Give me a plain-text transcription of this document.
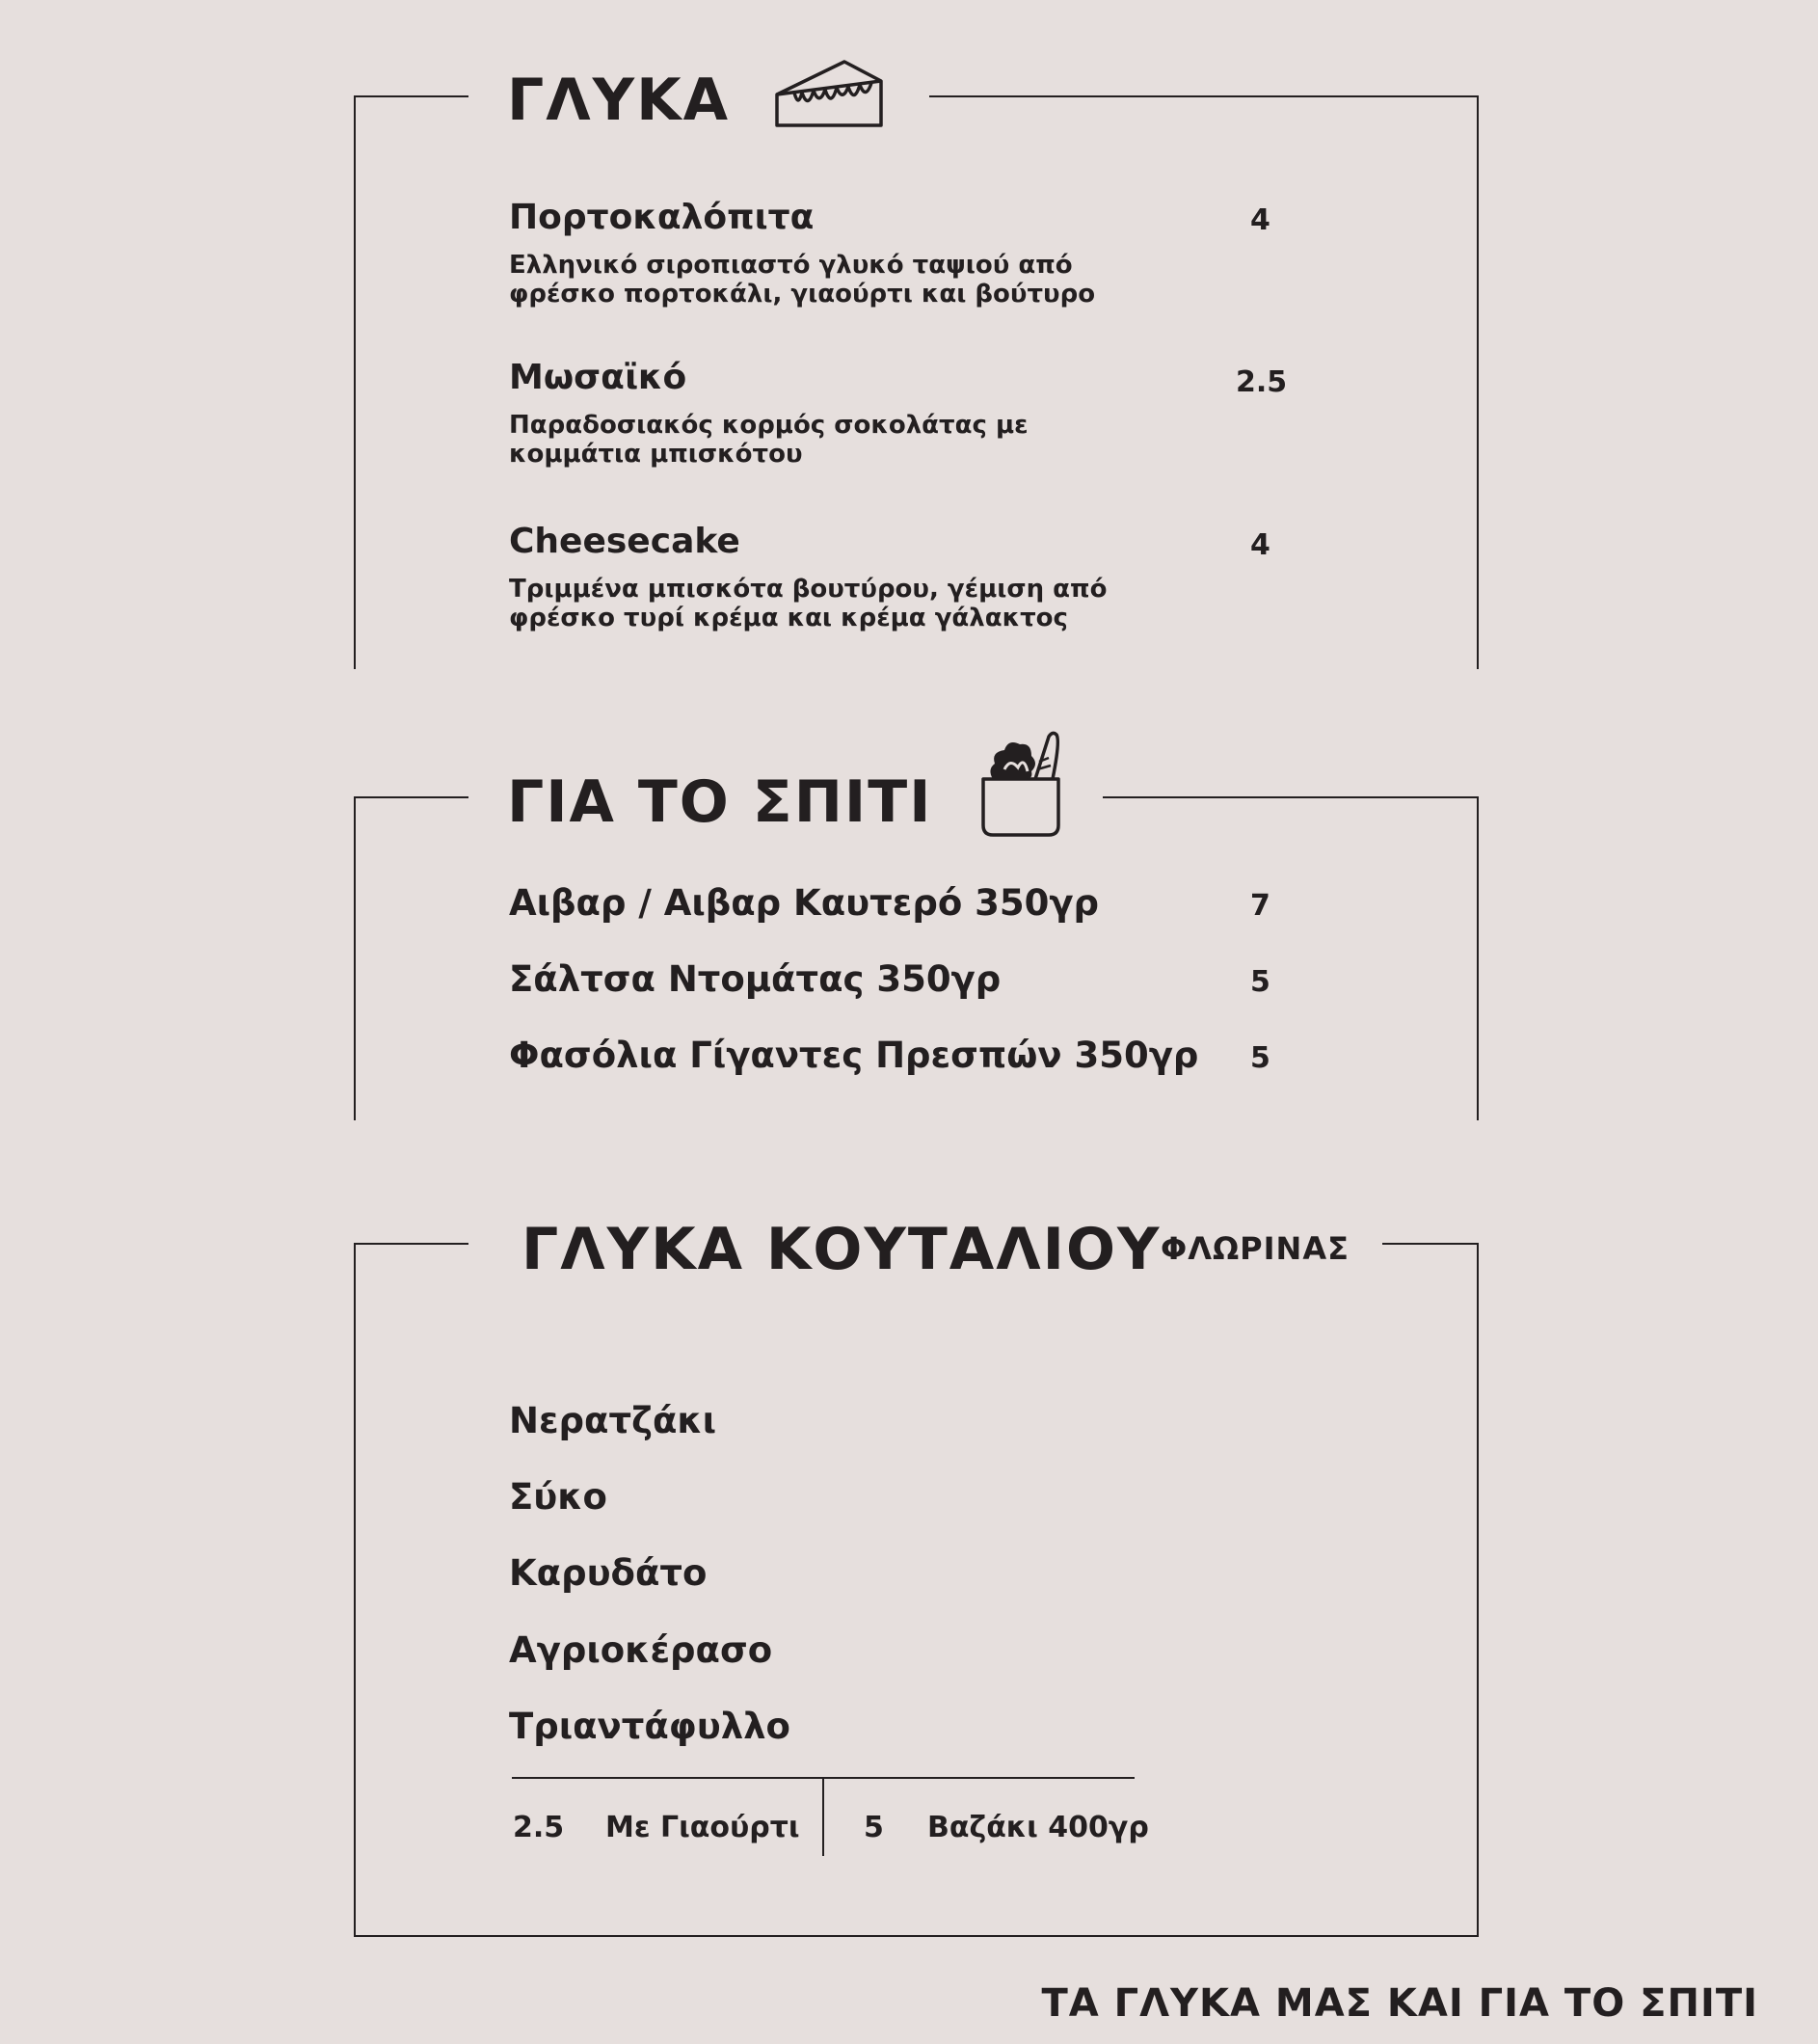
ΓΛΥΚΑ
Πορτοκαλόπιτα
Ελληνικό σιροπιαστό γλυκό ταψιού από φρέσκο πορτοκάλι, γιαούρτι και βούτυρο
4
Μωσαϊκό
Παραδοσιακός κορμός σοκολάτας με κομμάτια μπισκότου
2.5
Cheesecake
Τριμμένα μπισκότα βουτύρου, γέμιση από φρέσκο τυρί κρέμα και κρέμα γάλακτος
4
ΓΙΑ ΤΟ ΣΠΙΤΙ
Αιβαρ / Αιβαρ Καυτερό 350γρ	7
Σάλτσα Ντομάτας 350γρ	5
Φασόλια Γίγαντες Πρεσπών 350γρ 5
ΓΛΥΚΑ ΚΟΥΤΑΛΙΟΥ ΦΛΩΡΙΝΑΣ
Νερατζάκι
Σύκο
Καρυδάτο
Αγριοκέρασο
Τριαντάφυλλο
2.5 Με Γιαούρτι 5 Βαζάκι 400γρ
ΤΑ ΓΛΥΚΑ ΜΑΣ ΚΑΙ ΓΙΑ ΤΟ ΣΠΙΤΙ
